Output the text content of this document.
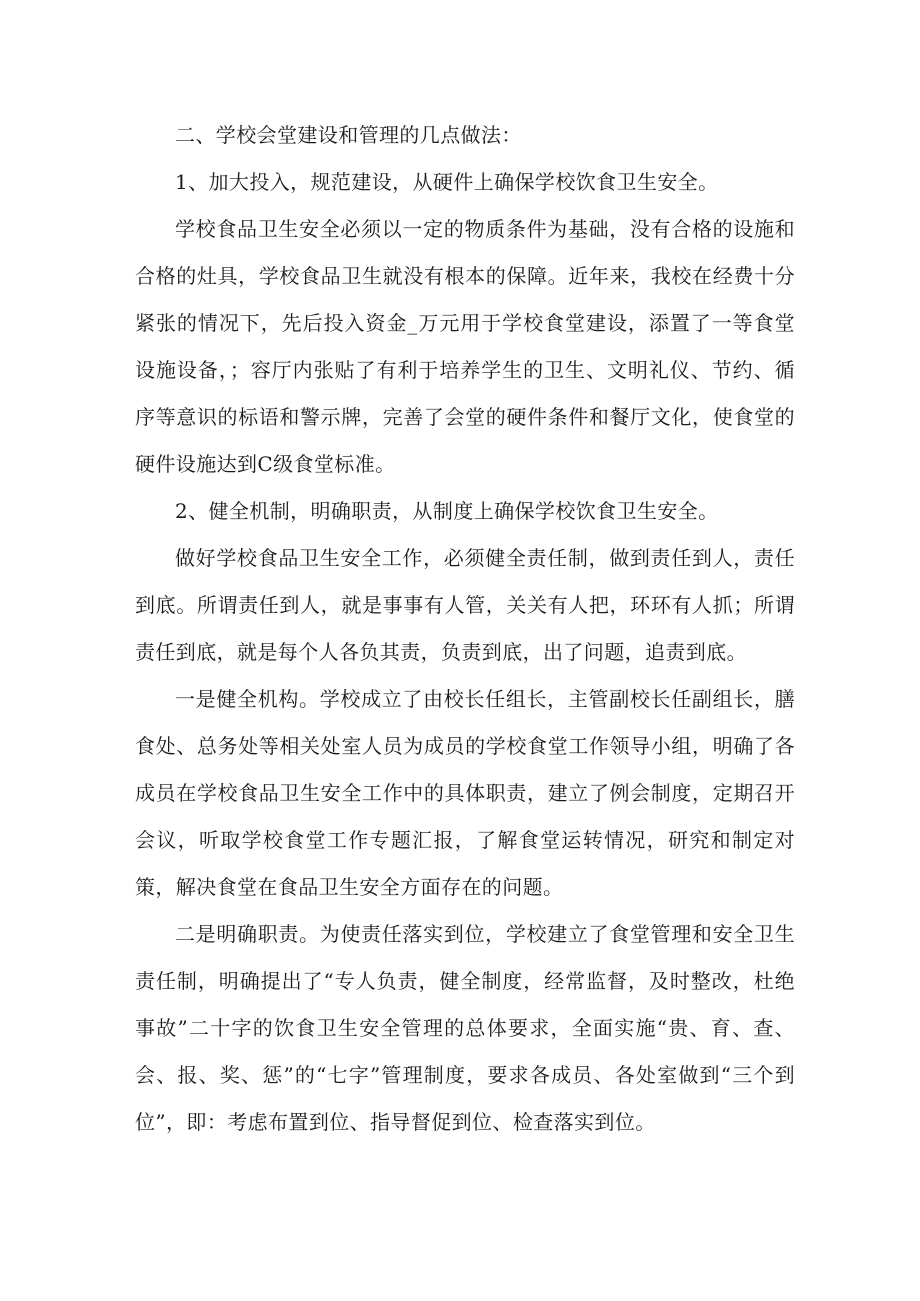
二、学校会堂建设和管理的几点做法：

1、加大投入，规范建设，从硬件上确保学校饮食卫生安全。

学校食品卫生安全必须以一定的物质条件为基础，没有合格的设施和合格的灶具，学校食品卫生就没有根本的保障。近年来，我校在经费十分紧张的情况下，先后投入资金_万元用于学校食堂建设，添置了一等食堂设施设备，；容厅内张贴了有利于培养学生的卫生、文明礼仪、节约、循序等意识的标语和警示牌，完善了会堂的硬件条件和餐厅文化，使食堂的硬件设施达到C级食堂标准。

2、健全机制，明确职责，从制度上确保学校饮食卫生安全。

做好学校食品卫生安全工作，必须健全责任制，做到责任到人，责任到底。所谓责任到人，就是事事有人管，关关有人把，环环有人抓；所谓责任到底，就是每个人各负其责，负责到底，出了问题，追责到底。

一是健全机构。学校成立了由校长任组长，主管副校长任副组长，膳食处、总务处等相关处室人员为成员的学校食堂工作领导小组，明确了各成员在学校食品卫生安全工作中的具体职责，建立了例会制度，定期召开会议，听取学校食堂工作专题汇报，了解食堂运转情况，研究和制定对策，解决食堂在食品卫生安全方面存在的问题。

二是明确职责。为使责任落实到位，学校建立了食堂管理和安全卫生责任制，明确提出了“专人负责，健全制度，经常监督，及时整改，杜绝事故”二十字的饮食卫生安全管理的总体要求，全面实施“贵、育、查、会、报、奖、惩”的“七字”管理制度，要求各成员、各处室做到“三个到位”，即：考虑布置到位、指导督促到位、检查落实到位。
